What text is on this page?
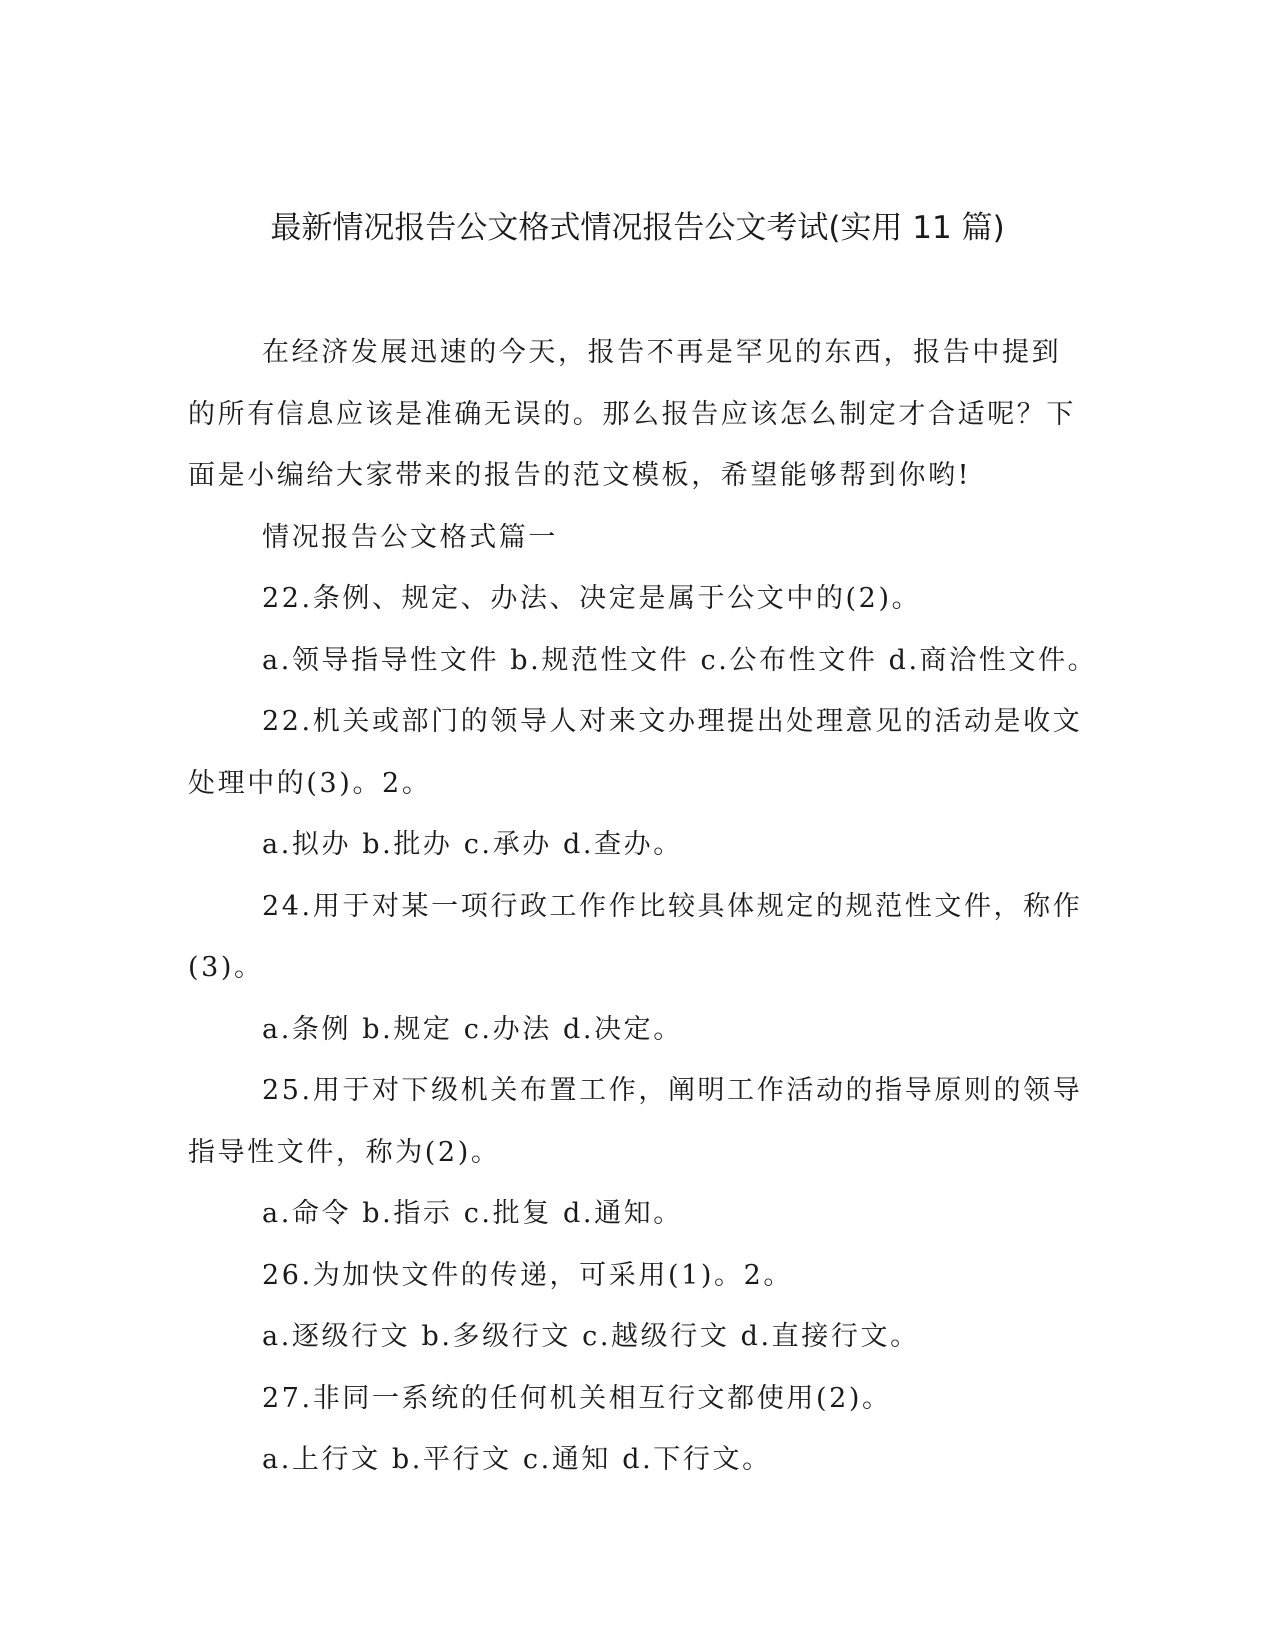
最新情况报告公文格式情况报告公文考试(实用 11 篇)

在经济发展迅速的今天，报告不再是罕见的东西，报告中提到的所有信息应该是准确无误的。那么报告应该怎么制定才合适呢？下面是小编给大家带来的报告的范文模板，希望能够帮到你哟!

情况报告公文格式篇一

22.条例、规定、办法、决定是属于公文中的(2)。

a.领导指导性文件 b.规范性文件 c.公布性文件 d.商洽性文件。

22.机关或部门的领导人对来文办理提出处理意见的活动是收文处理中的(3)。2。

a.拟办 b.批办 c.承办 d.查办。

24.用于对某一项行政工作作比较具体规定的规范性文件，称作(3)。

a.条例 b.规定 c.办法 d.决定。

25.用于对下级机关布置工作，阐明工作活动的指导原则的领导指导性文件，称为(2)。

a.命令 b.指示 c.批复 d.通知。

26.为加快文件的传递，可采用(1)。2。

a.逐级行文 b.多级行文 c.越级行文 d.直接行文。

27.非同一系统的任何机关相互行文都使用(2)。

a.上行文 b.平行文 c.通知 d.下行文。
